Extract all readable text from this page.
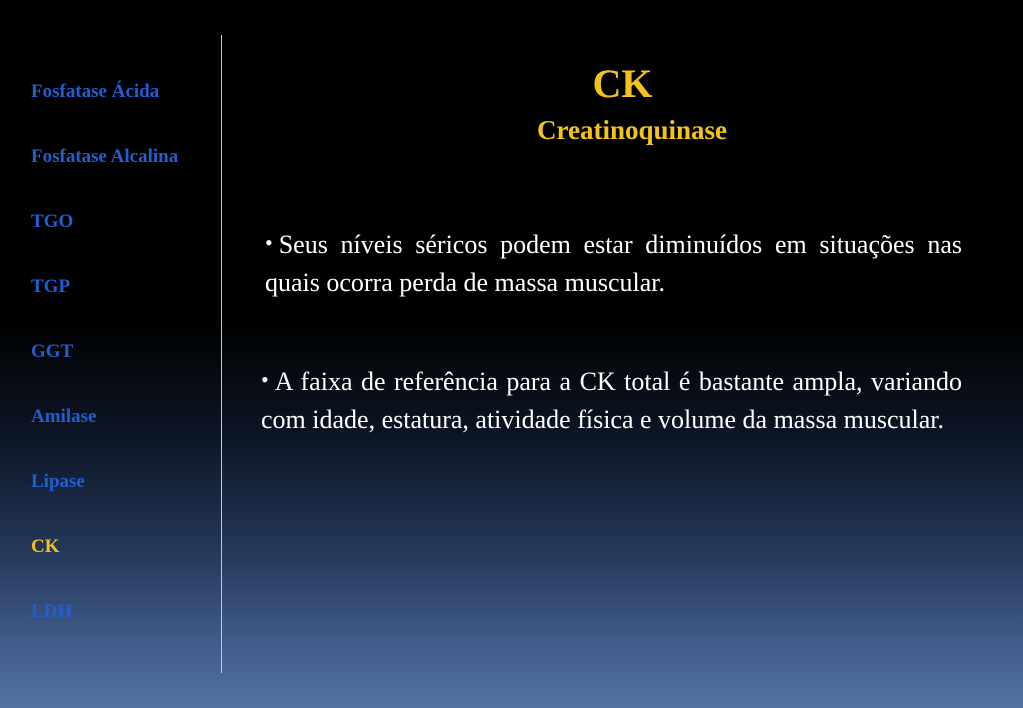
Fosfatase Ácida
Fosfatase Alcalina
TGO
TGP
GGT
Amilase
Lipase
CK
LDH
CK
Creatinoquinase
• Seus níveis séricos podem estar diminuídos em situações nas quais ocorra perda de massa muscular.
• A faixa de referência para a CK total é bastante ampla, variando com idade, estatura, atividade física e volume da massa muscular.
